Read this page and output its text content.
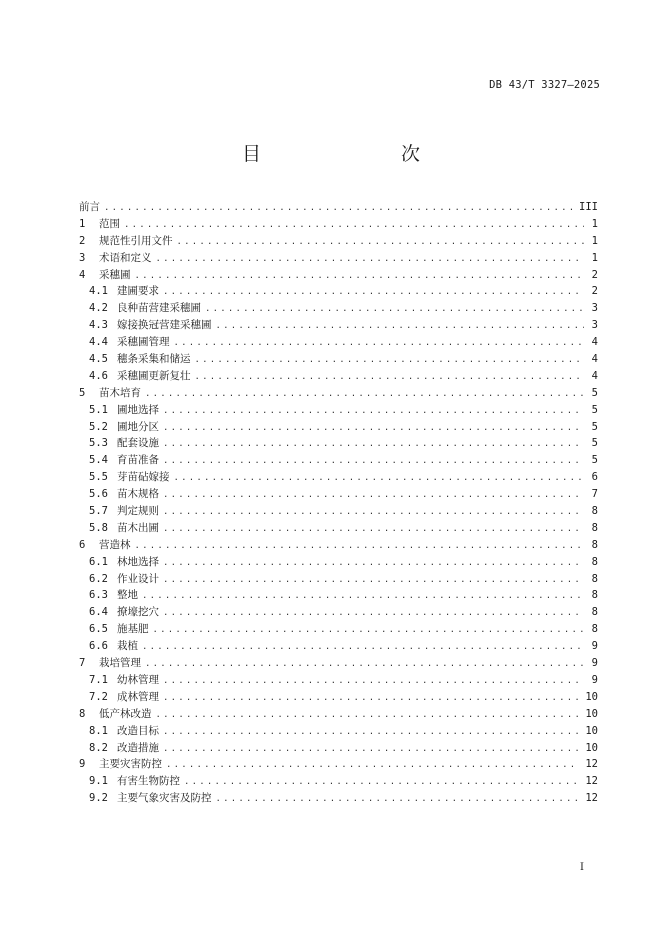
DB 43/T 3327—2025
目　　次
前言 .....	III
1	范围 .....	1
2	规范性引用文件 .....	1
3	术语和定义 .....	1
4	采穗圃 .....	2
4.1 建圃要求 .....	2
4.2 良种苗营建采穗圃 .....	3
4.3 嫁接换冠营建采穗圃 .....	3
4.4 采穗圃管理 .....	4
4.5 穗条采集和储运 .....	4
4.6 采穗圃更新复壮 .....	4
5	苗木培育 .....	5
5.1 圃地选择 .....	5
5.2 圃地分区 .....	5
5.3 配套设施 .....	5
5.4 育苗准备 .....	5
5.5 芽苗砧嫁接 .....	6
5.6 苗木规格 .....	7
5.7 判定规则 .....	8
5.8 苗木出圃 .....	8
6	营造林 .....	8
6.1 林地选择 .....	8
6.2 作业设计 .....	8
6.3 整地 .....	8
6.4 撩壕挖穴 .....	8
6.5 施基肥 .....	8
6.6 栽植 .....	9
7	栽培管理 .....	9
7.1 幼林管理 .....	9
7.2 成林管理 .....	10
8	低产林改造 .....	10
8.1 改造目标 .....	10
8.2 改造措施 .....	10
9	主要灾害防控 .....	12
9.1 有害生物防控 .....	12
9.2 主要气象灾害及防控 .....	12
I
